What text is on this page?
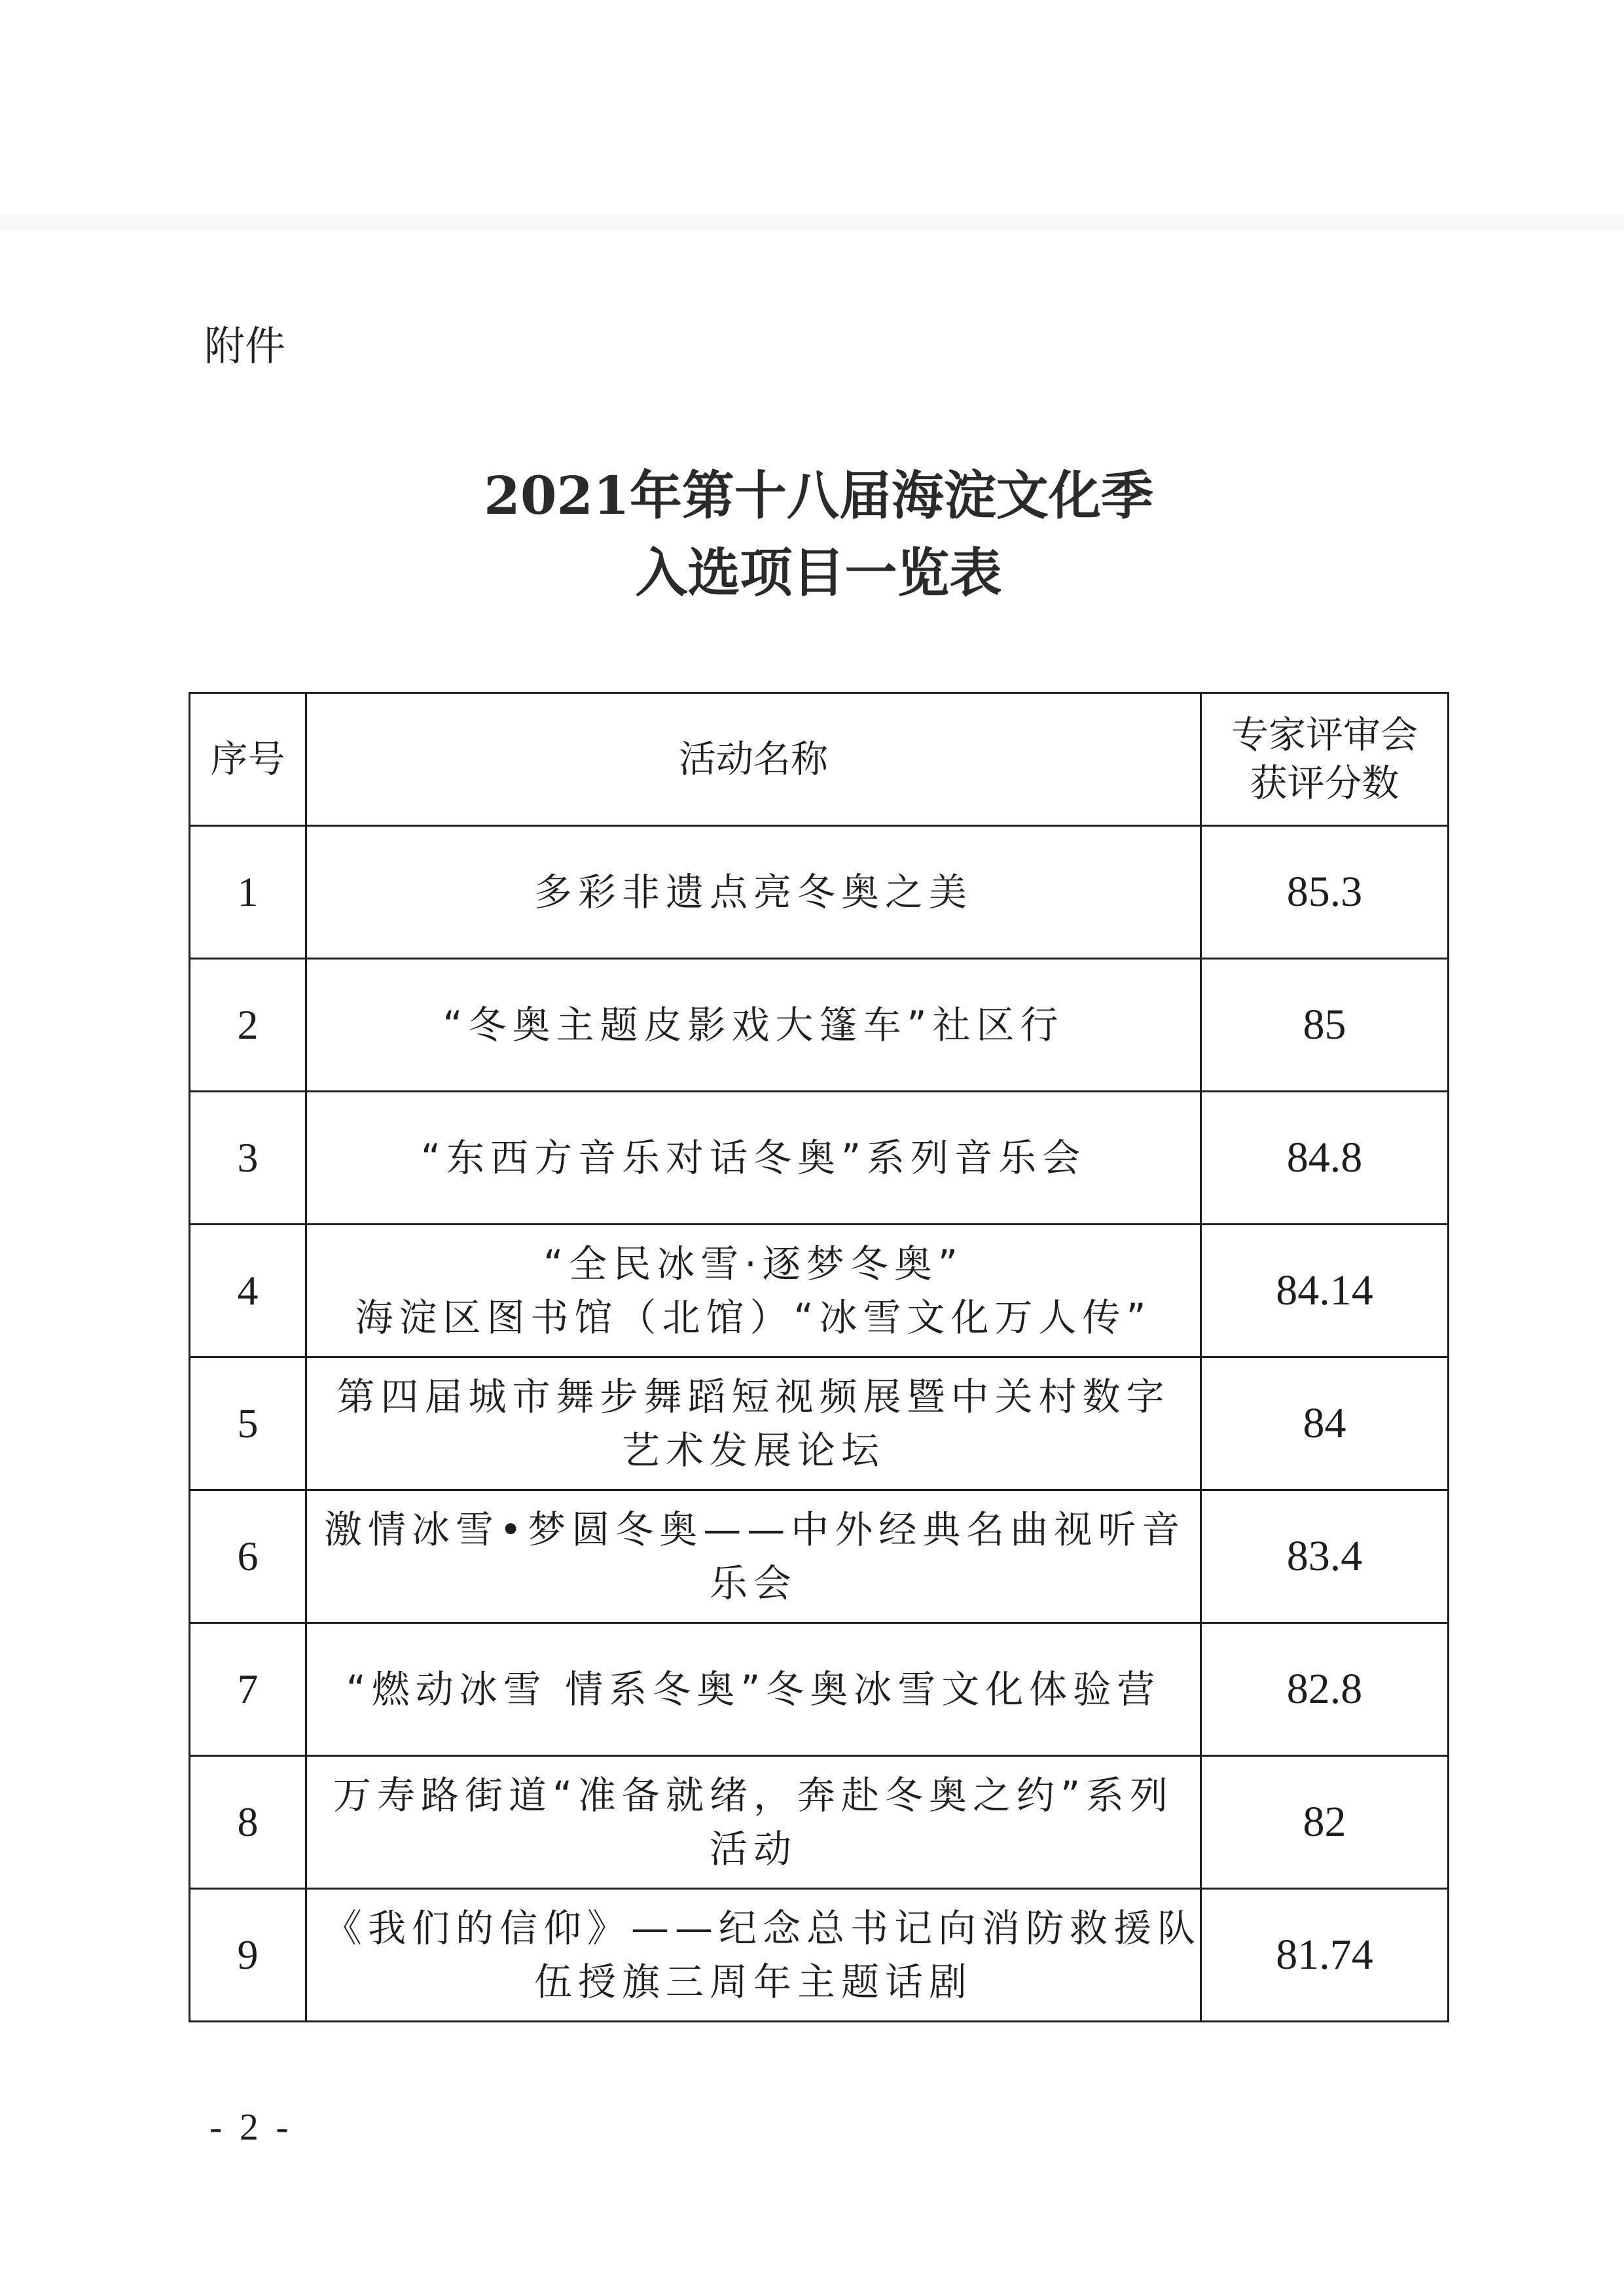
附件
2021年第十八届海淀文化季
入选项目一览表
序号	活动名称	专家评审会
获评分数
1	多彩非遗点亮冬奥之美	85.3
2	“冬奥主题皮影戏大篷车”社区行	85
3	“东西方音乐对话冬奥”系列音乐会	84.8
4	“全民冰雪·逐梦冬奥”
海淀区图书馆（北馆）“冰雪文化万人传”	84.14
5	第四届城市舞步舞蹈短视频展暨中关村数字
艺术发展论坛	84
6	激情冰雪•梦圆冬奥——中外经典名曲视听音
乐会	83.4
7	“燃动冰雪 情系冬奥”冬奥冰雪文化体验营	82.8
8	万寿路街道“准备就绪，奔赴冬奥之约”系列
活动	82
9	《我们的信仰》——纪念总书记向消防救援队
伍授旗三周年主题话剧	81.74
- 2 -
